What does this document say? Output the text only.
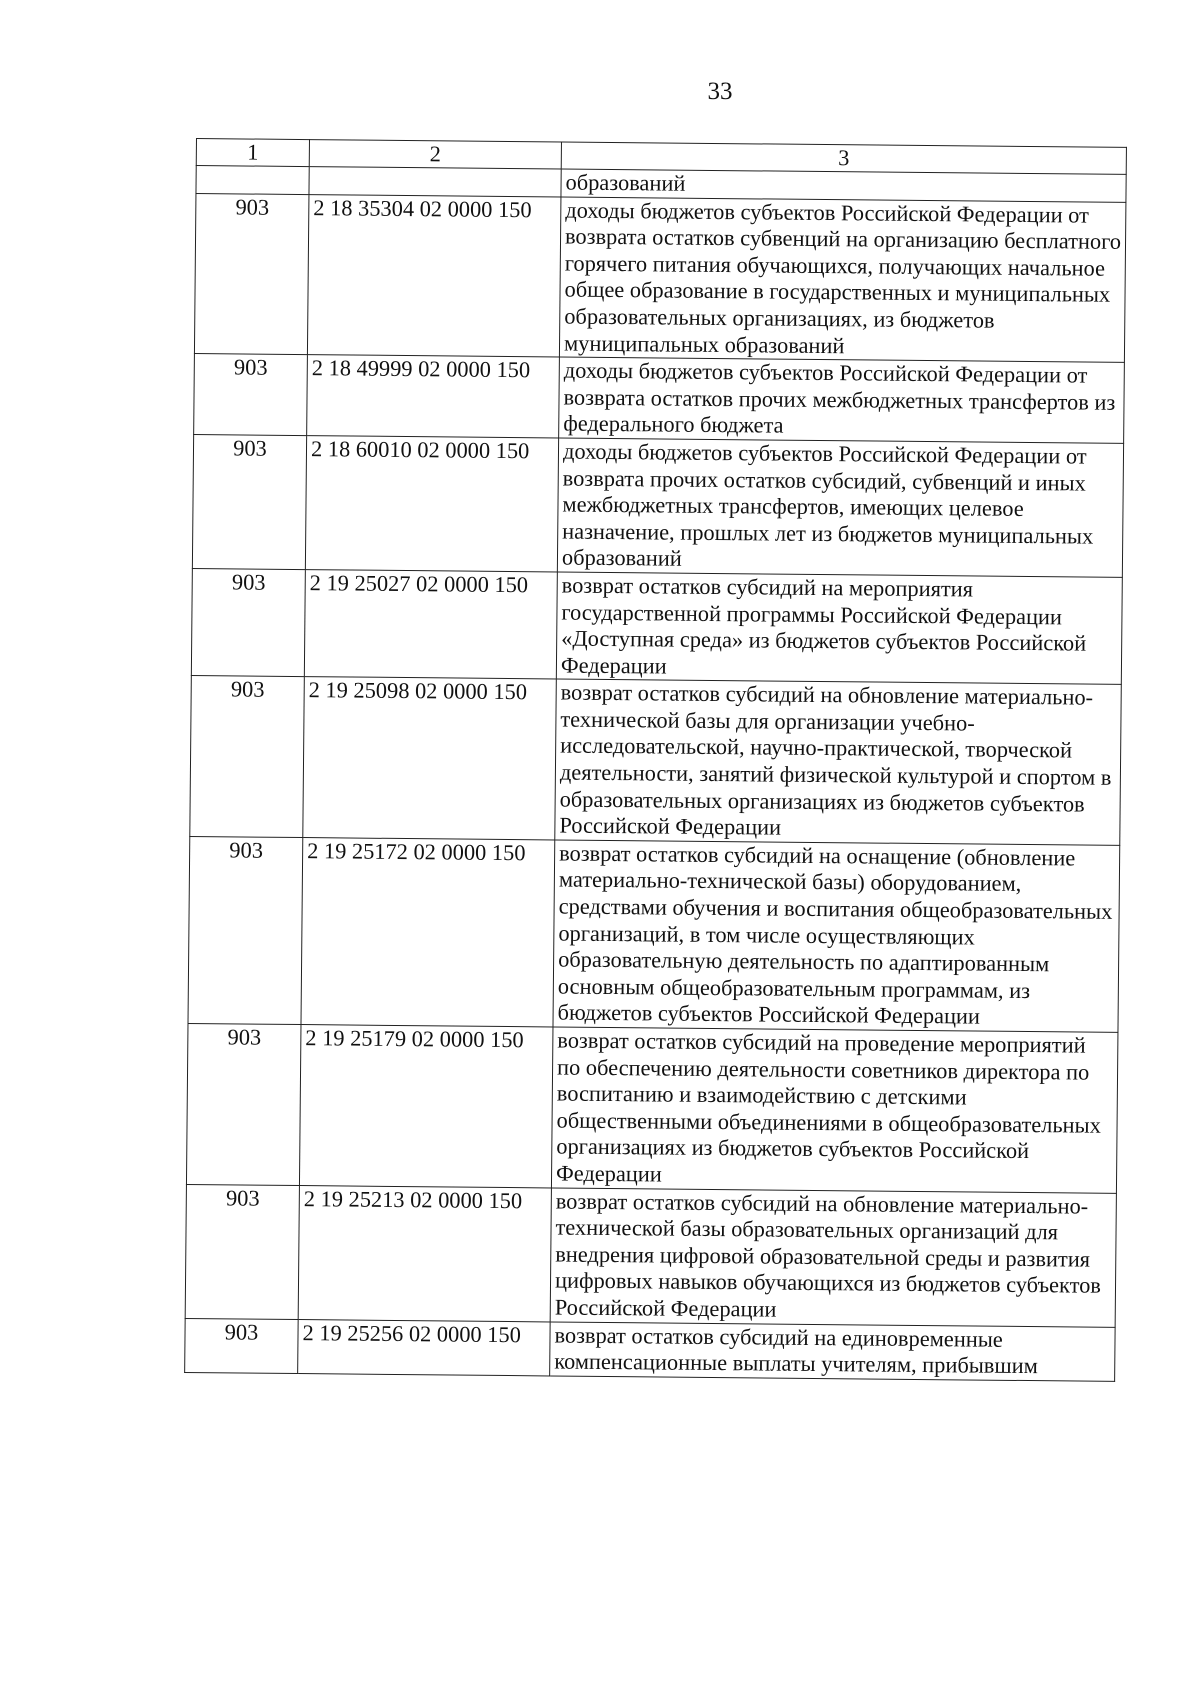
33
1	2	3
		образований
903	2 18 35304 02 0000 150	доходы бюджетов субъектов Российской Федерации от возврата остатков субвенций на организацию бесплатного горячего питания обучающихся, получающих начальное общее образование в государственных и муниципальных образовательных организациях, из бюджетов муниципальных образований
903	2 18 49999 02 0000 150	доходы бюджетов субъектов Российской Федерации от возврата остатков прочих межбюджетных трансфертов из федерального бюджета
903	2 18 60010 02 0000 150	доходы бюджетов субъектов Российской Федерации от возврата прочих остатков субсидий, субвенций и иных межбюджетных трансфертов, имеющих целевое назначение, прошлых лет из бюджетов муниципальных образований
903	2 19 25027 02 0000 150	возврат остатков субсидий на мероприятия государственной программы Российской Федерации «Доступная среда» из бюджетов субъектов Российской Федерации
903	2 19 25098 02 0000 150	возврат остатков субсидий на обновление материально-технической базы для организации учебно-исследовательской, научно-практической, творческой деятельности, занятий физической культурой и спортом в образовательных организациях из бюджетов субъектов Российской Федерации
903	2 19 25172 02 0000 150	возврат остатков субсидий на оснащение (обновление материально-технической базы) оборудованием, средствами обучения и воспитания общеобразовательных организаций, в том числе осуществляющих образовательную деятельность по адаптированным основным общеобразовательным программам, из бюджетов субъектов Российской Федерации
903	2 19 25179 02 0000 150	возврат остатков субсидий на проведение мероприятий по обеспечению деятельности советников директора по воспитанию и взаимодействию с детскими общественными объединениями в общеобразовательных организациях из бюджетов субъектов Российской Федерации
903	2 19 25213 02 0000 150	возврат остатков субсидий на обновление материально-технической базы образовательных организаций для внедрения цифровой образовательной среды и развития цифровых навыков обучающихся из бюджетов субъектов Российской Федерации
903	2 19 25256 02 0000 150	возврат остатков субсидий на единовременные компенсационные выплаты учителям, прибывшим
